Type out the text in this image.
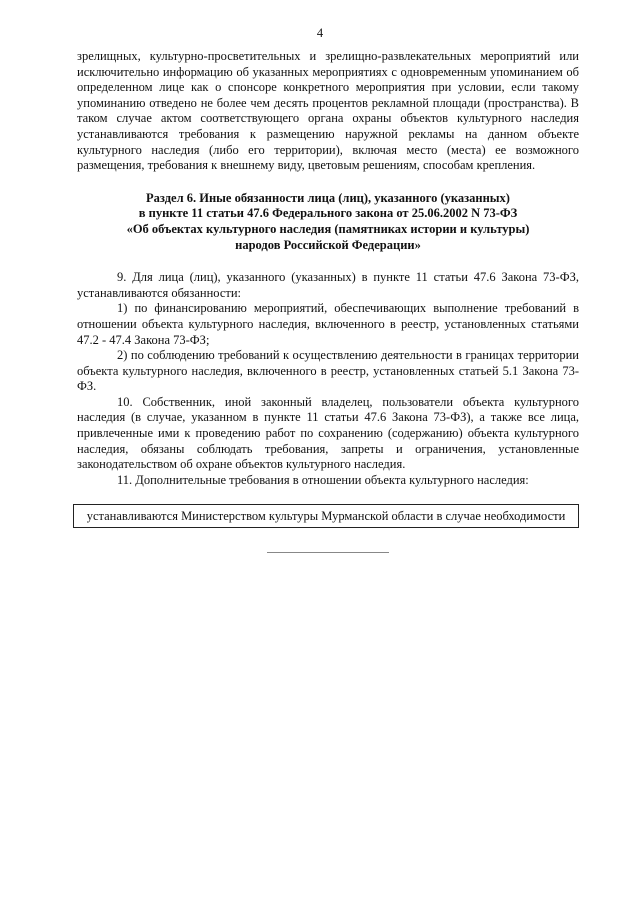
4

зрелищных, культурно-просветительных и зрелищно-развлекательных мероприятий или исключительно информацию об указанных мероприятиях с одновременным упоминанием об определенном лице как о спонсоре конкретного мероприятия при условии, если такому упоминанию отведено не более чем десять процентов рекламной площади (пространства). В таком случае актом соответствующего органа охраны объектов культурного наследия устанавливаются требования к размещению наружной рекламы на данном объекте культурного наследия (либо его территории), включая место (места) ее возможного размещения, требования к внешнему виду, цветовым решениям, способам крепления.

Раздел 6. Иные обязанности лица (лиц), указанного (указанных)
в пункте 11 статьи 47.6 Федерального закона от 25.06.2002 N 73-ФЗ
«Об объектах культурного наследия (памятниках истории и культуры)
народов Российской Федерации»

9. Для лица (лиц), указанного (указанных) в пункте 11 статьи 47.6 Закона 73-ФЗ, устанавливаются обязанности:

1) по финансированию мероприятий, обеспечивающих выполнение требований в отношении объекта культурного наследия, включенного в реестр, установленных статьями 47.2 - 47.4 Закона 73-ФЗ;

2) по соблюдению требований к осуществлению деятельности в границах территории объекта культурного наследия, включенного в реестр, установленных статьей 5.1 Закона 73-ФЗ.

10. Собственник, иной законный владелец, пользователи объекта культурного наследия (в случае, указанном в пункте 11 статьи 47.6 Закона 73-ФЗ), а также все лица, привлеченные ими к проведению работ по сохранению (содержанию) объекта культурного наследия, обязаны соблюдать требования, запреты и ограничения, установленные законодательством об охране объектов культурного наследия.

11. Дополнительные требования в отношении объекта культурного наследия:

устанавливаются Министерством культуры Мурманской области в случае необходимости
